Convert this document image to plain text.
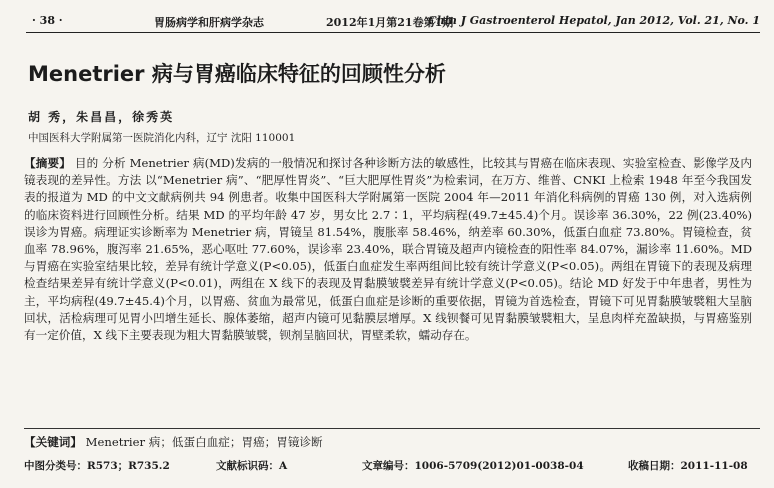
· 38 ·	胃肠病学和肝病学杂志	2012年1月第21卷第1期
Chin J Gastroenterol Hepatol, Jan 2012, Vol. 21, No. 1
Menetrier 病与胃癌临床特征的回顾性分析
胡 秀，朱昌昌，徐秀英
中国医科大学附属第一医院消化内科，辽宁 沈阳 110001
【摘要】 目的 分析 Menetrier 病(MD)发病的一般情况和探讨各种诊断方法的敏感性，比较其与胃癌在临床表现、实验室检查、影像学及内镜表现的差异性。方法 以“Menetrier 病”、“肥厚性胃炎”、“巨大肥厚性胃炎”为检索词，在万方、维普、CNKI 上检索 1948 年至今我国发表的报道为 MD 的中文文献病例共 94 例患者。收集中国医科大学附属第一医院 2004 年—2011 年消化科病例的胃癌 130 例，对入选病例的临床资料进行回顾性分析。结果 MD 的平均年龄 47 岁，男女比 2.7∶1，平均病程(49.7±45.4)个月。误诊率 36.30%，22 例(23.40%)误诊为胃癌。病理证实诊断率为 Menetrier 病，胃镜呈 81.54%，腹胀率 58.46%，纳差率 60.30%，低蛋白血症 73.80%。胃镜检查，贫血率 78.96%，腹泻率 21.65%，恶心呕吐 77.60%，误诊率 23.40%，联合胃镜及超声内镜检查的阳性率 84.07%，漏诊率 11.60%。MD 与胃癌在实验室结果比较，差异有统计学意义(P<0.05)，低蛋白血症发生率两组间比较有统计学意义(P<0.05)。两组在胃镜下的表现及病理检查结果差异有统计学意义(P<0.01)，两组在 X 线下的表现及胃黏膜皱襞差异有统计学意义(P<0.05)。结论 MD 好发于中年患者，男性为主，平均病程(49.7±45.4)个月，以胃癌、贫血为最常见，低蛋白血症是诊断的重要依据，胃镜为首选检查，胃镜下可见胃黏膜皱襞粗大呈脑回状，活检病理可见胃小凹增生延长、腺体萎缩，超声内镜可见黏膜层增厚。X 线钡餐可见胃黏膜皱襞粗大，呈息肉样充盈缺损，与胃癌鉴别有一定价值，X 线下主要表现为粗大胃黏膜皱襞，钡剂呈脑回状，胃壁柔软，蠕动存在。
【关键词】 Menetrier 病；低蛋白血症；胃癌；胃镜诊断
中图分类号：R573；R735.2	文献标识码：A	文章编号：1006-5709(2012)01-0038-04	收稿日期：2011-11-08
